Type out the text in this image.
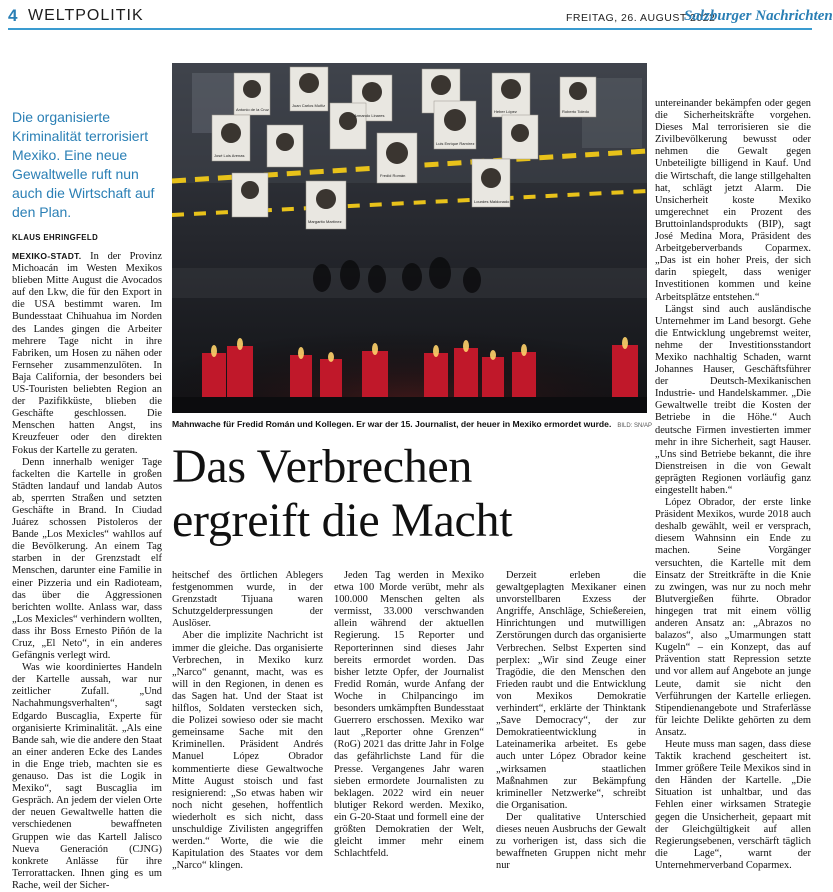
4 WELTPOLITIK	FREITAG, 26. AUGUST 2022
Salzburger Nachrichten
Die organisierte Kriminalität terrorisiert Mexiko. Eine neue Gewaltwelle ruft nun auch die Wirtschaft auf den Plan.
KLAUS EHRINGFELD

MEXIKO-STADT. In der Provinz Michoacán im Westen Mexikos blieben Mitte August die Avocados auf den Lkw, die für den Export in die USA bestimmt waren. Im Bundesstaat Chihuahua im Norden des Landes gingen die Arbeiter mehrere Tage nicht in ihre Fabriken, um Hosen zu nähen oder Fernseher zusammenzulöten. In Baja California, der besonders bei US-Touristen beliebten Region an der Pazifikküste, blieben die Geschäfte geschlossen. Die Menschen hatten Angst, ins Kreuzfeuer oder den direkten Fokus der Kartelle zu geraten.

Denn innerhalb weniger Tage fackelten die Kartelle in großen Städten landauf und landab Autos ab, sperrten Straßen und setzten Geschäfte in Brand. In Ciudad Juárez schossen Pistoleros der Bande „Los Mexicles“ wahllos auf die Bevölkerung. An einem Tag starben in der Grenzstadt elf Menschen, darunter eine Familie in einer Pizzeria und ein Radioteam, das über die Aggressionen berichten wollte. Anlass war, dass „Los Mexicles“ verhindern wollten, dass ihr Boss Ernesto Piñón de la Cruz, „El Neto“, in ein anderes Gefängnis verlegt wird.

Was wie koordiniertes Handeln der Kartelle aussah, war nur zeitlicher Zufall. „Und Nachahmungsverhalten“, sagt Edgardo Buscaglia, Experte für organisierte Kriminalität. „Als eine Bande sah, wie die andere den Staat an einer anderen Ecke des Landes in die Enge trieb, machten sie es genauso. Das ist die Logik in Mexiko“, sagt Buscaglia im Gespräch. An jedem der vielen Orte der neuen Gewaltwelle hatten die verschiedenen bewaffneten Gruppen wie das Kartell Jalisco Nueva Generación (CJNG) konkrete Anlässe für ihre Terrorattacken. Ihnen ging es um Rache, weil der Sicher-

Antonio de la Cruz
Juan Carlos Muñiz
Fredid Román
Margarito Martínez
Luis Enrique Ramírez
Heber López
Armando Linares
Lourdes Maldonado
José Luis Arenas
Roberto Toledo
Mahnwache für Fredid Román und Kollegen. Er war der 15. Journalist, der heuer in Mexiko ermordet wurde. BILD: SN/AP
Das Verbrechen
ergreift die Macht

heitschef des örtlichen Ablegers festgenommen wurde, in der Grenzstadt Tijuana waren Schutzgelderpressungen der Auslöser.

Aber die implizite Nachricht ist immer die gleiche. Das organisierte Verbrechen, in Mexiko kurz „Narco“ genannt, macht, was es will in den Regionen, in denen es das Sagen hat. Und der Staat ist hilflos, Soldaten verstecken sich, die Polizei sowieso oder sie macht gemeinsame Sache mit den Kriminellen. Präsident Andrés Manuel López Obrador kommentierte diese Gewaltwoche Mitte August stoisch und fast resignierend: „So etwas haben wir noch nicht gesehen, hoffentlich wiederholt es sich nicht, dass unschuldige Zivilisten angegriffen werden.“ Worte, die wie die Kapitulation des Staates vor dem „Narco“ klingen.

Jeden Tag werden in Mexiko etwa 100 Morde verübt, mehr als 100.000 Menschen gelten als vermisst, 33.000 verschwanden allein während der aktuellen Regierung. 15 Reporter und Reporterinnen sind dieses Jahr bereits ermordet worden. Das bisher letzte Opfer, der Journalist Fredid Román, wurde Anfang der Woche in Chilpancingo im besonders umkämpften Bundesstaat Guerrero erschossen. Mexiko war laut „Reporter ohne Grenzen“ (RoG) 2021 das dritte Jahr in Folge das gefährlichste Land für die Presse. Vergangenes Jahr waren sieben ermordete Journalisten zu beklagen. 2022 wird ein neuer blutiger Rekord werden. Mexiko, ein G-20-Staat und formell eine der größten Demokratien der Welt, gleicht immer mehr einem Schlachtfeld.

Derzeit erleben die gewaltgeplagten Mexikaner einen unvorstellbaren Exzess der Angriffe, Anschläge, Schießereien, Hinrichtungen und mutwilligen Zerstörungen durch das organisierte Verbrechen. Selbst Experten sind perplex: „Wir sind Zeuge einer Tragödie, die den Menschen den Frieden raubt und die Entwicklung von Mexikos Demokratie verhindert“, erklärte der Thinktank „Save Democracy“, der zur Demokratieentwicklung in Lateinamerika arbeitet. Es gebe auch unter López Obrador keine „wirksamen staatlichen Maßnahmen zur Bekämpfung krimineller Netzwerke“, schreibt die Organisation.

Der qualitative Unterschied dieses neuen Ausbruchs der Gewalt zu vorherigen ist, dass sich die bewaffneten Gruppen nicht mehr nur

untereinander bekämpfen oder gegen die Sicherheitskräfte vorgehen. Dieses Mal terrorisieren sie die Zivilbevölkerung bewusst oder nehmen die Gewalt gegen Unbeteiligte billigend in Kauf. Und die Wirtschaft, die lange stillgehalten hat, schlägt jetzt Alarm. Die Unsicherheit koste Mexiko umgerechnet ein Prozent des Bruttoinlandsprodukts (BIP), sagt José Medina Mora, Präsident des Arbeitgeberverbands Coparmex. „Das ist ein hoher Preis, der sich darin spiegelt, dass weniger Investitionen kommen und keine Arbeitsplätze entstehen.“

Längst sind auch ausländische Unternehmer im Land besorgt. Gehe die Entwicklung ungebremst weiter, nehme der Investitionsstandort Mexiko nachhaltig Schaden, warnt Johannes Hauser, Geschäftsführer der Deutsch-Mexikanischen Industrie- und Handelskammer. „Die Gewaltwelle treibt die Kosten der Betriebe in die Höhe.“ Auch deutsche Firmen investierten immer mehr in ihre Sicherheit, sagt Hauser. „Uns sind Betriebe bekannt, die ihre Dienstreisen in die von Gewalt geprägten Regionen vorläufig ganz eingestellt haben.“

López Obrador, der erste linke Präsident Mexikos, wurde 2018 auch deshalb gewählt, weil er versprach, diesem Wahnsinn ein Ende zu machen. Seine Vorgänger versuchten, die Kartelle mit dem Einsatz der Streitkräfte in die Knie zu zwingen, was nur zu noch mehr Blutvergießen führte. Obrador hingegen trat mit einem völlig anderen Ansatz an: „Abrazos no balazos“, also „Umarmungen statt Kugeln“ – ein Konzept, das auf Prävention statt Repression setzte und vor allem auf Angebote an junge Leute, damit sie nicht den Verführungen der Kartelle erliegen. Stipendienangebote und Straferlässe für leichte Delikte gehörten zu dem Ansatz.

Heute muss man sagen, dass diese Taktik krachend gescheitert ist. Immer größere Teile Mexikos sind in den Händen der Kartelle. „Die Situation ist unhaltbar, und das Fehlen einer wirksamen Strategie gegen die Unsicherheit, gepaart mit der Gleichgültigkeit auf allen Regierungsebenen, verschärft täglich die Lage“, warnt der Unternehmerverband Coparmex.
